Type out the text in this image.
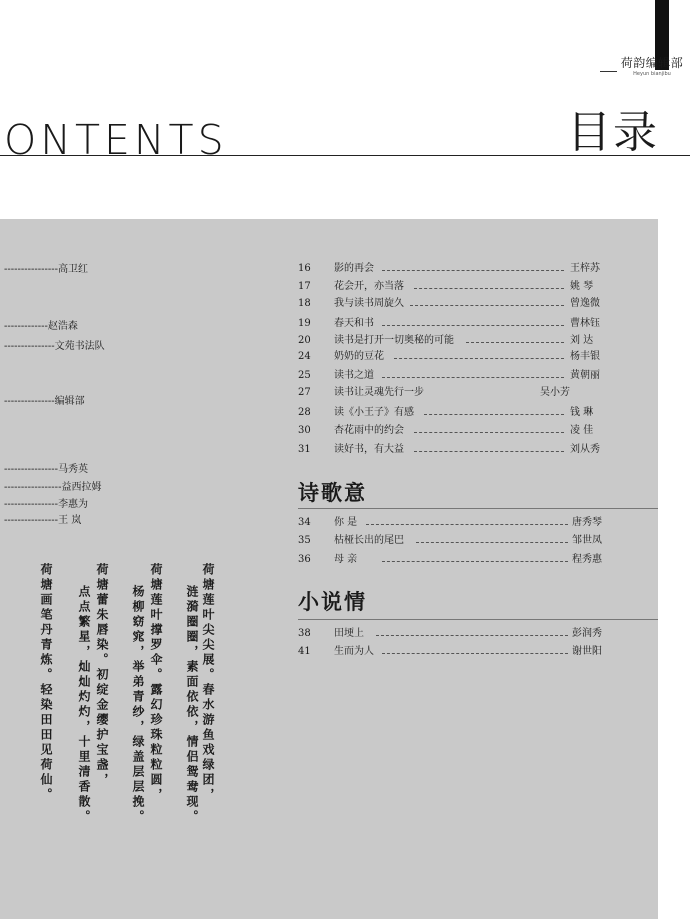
荷韵编辑部
Heyun bianjibu
ONTENTS	目录
----------------高卫红
-------------赵浩森
---------------文苑书法队
---------------编辑部
----------------马秀英
-----------------益西拉姆
----------------李惠为
----------------王 岚
16	影的再会	王梓苏
17	花会开，亦当落	姚 琴
18	我与读书周旋久	曾逸微
19	春天和书	曹林钰
20	读书是打开一切奥秘的可能	刘 达
24	奶奶的豆花	杨丰银
25	读书之道	黄朝丽
27	读书让灵魂先行一步	吴小芳
28	读《小王子》有感	钱 琳
30	杏花雨中的约会	凌 佳
31	读好书，有大益	刘从秀
诗歌意
34	你 是	唐秀琴
35	枯桠长出的尾巴	邹世凤
36	母 亲	程秀惠
小说情
38	田埂上	彭润秀
41	生而为人	谢世阳
荷塘莲叶尖尖展。春水游鱼戏绿团，
涟漪圈圈，素面依依，情侣鸳鸯现。
荷塘莲叶撑罗伞。露幻珍珠粒粒圆，
杨柳窈窕，举弟青纱，绿盖层层挽。
荷塘蕾朱唇染。初绽金缨护宝盏，
点点繁星，灿灿灼灼，十里清香散。
荷塘画笔丹青炼。轻染田田见荷仙。
